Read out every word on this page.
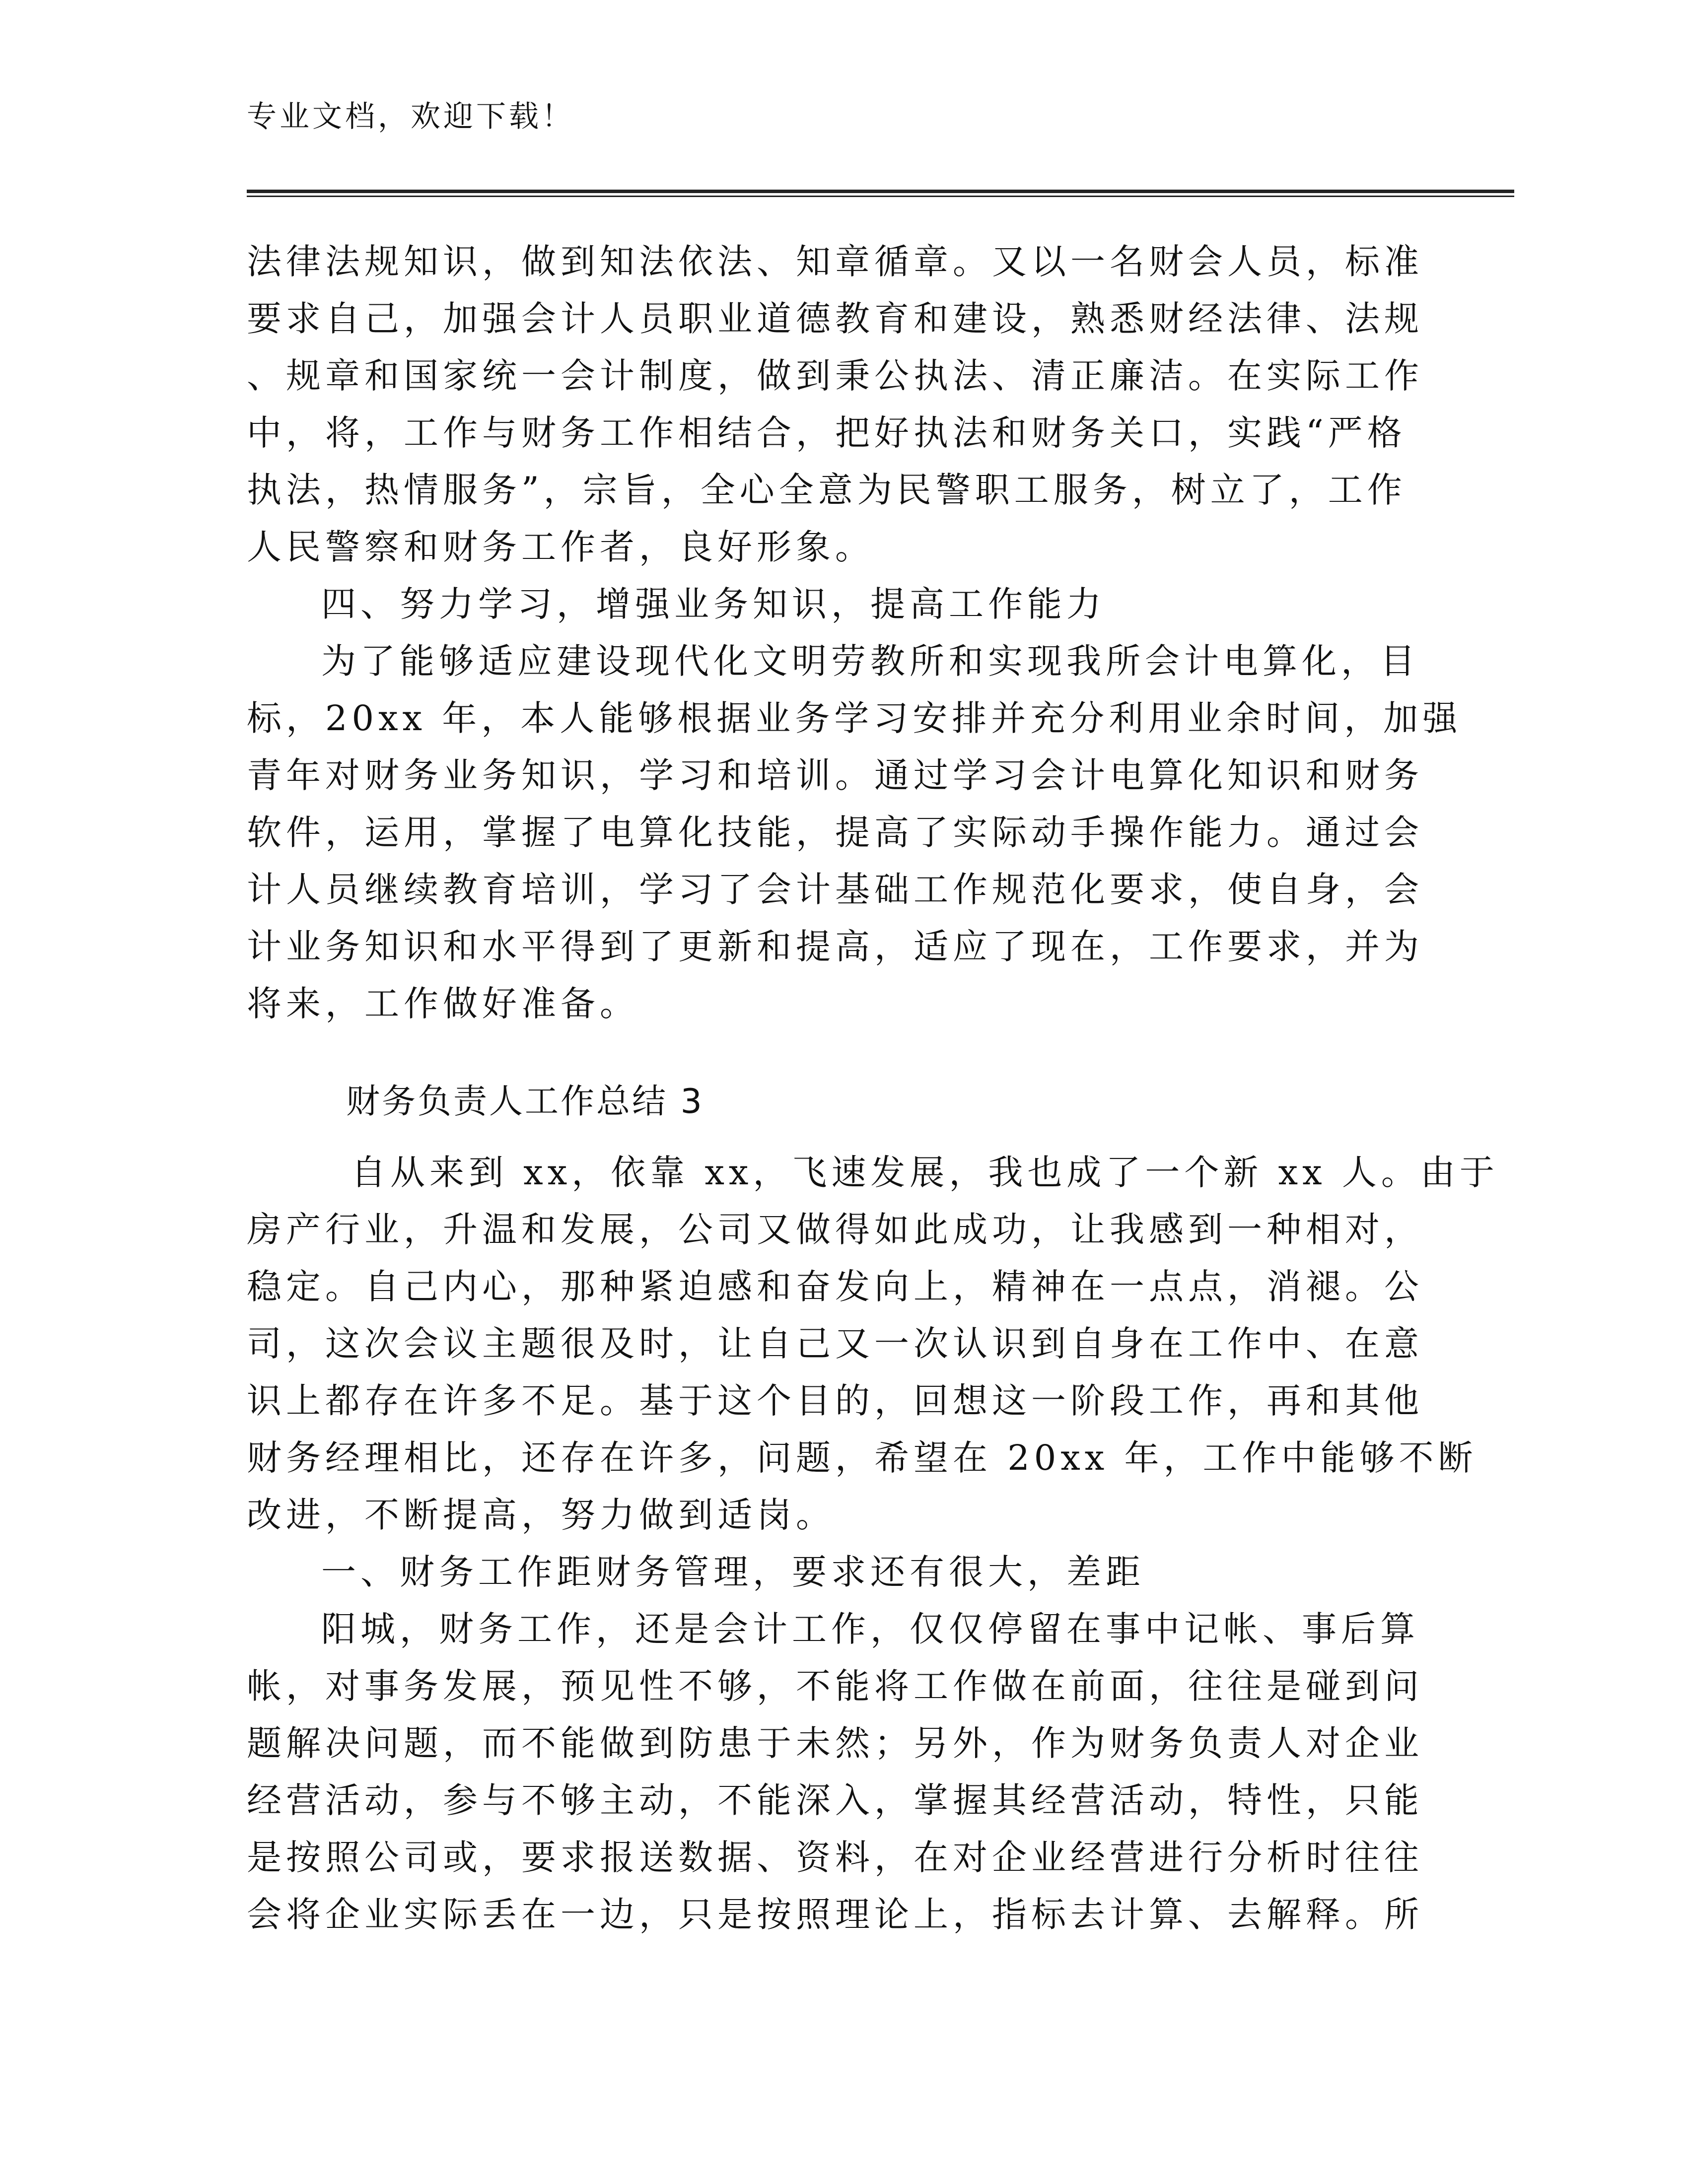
专业文档，欢迎下载！
法律法规知识，做到知法依法、知章循章。又以一名财会人员，标准
要求自己，加强会计人员职业道德教育和建设，熟悉财经法律、法规
、规章和国家统一会计制度，做到秉公执法、清正廉洁。在实际工作
中，将，工作与财务工作相结合，把好执法和财务关口，实践“严格
执法，热情服务”，宗旨，全心全意为民警职工服务，树立了，工作
人民警察和财务工作者，良好形象。
四、努力学习，增强业务知识，提高工作能力
为了能够适应建设现代化文明劳教所和实现我所会计电算化，目
标，20xx 年，本人能够根据业务学习安排并充分利用业余时间，加强
青年对财务业务知识，学习和培训。通过学习会计电算化知识和财务
软件，运用，掌握了电算化技能，提高了实际动手操作能力。通过会
计人员继续教育培训，学习了会计基础工作规范化要求，使自身，会
计业务知识和水平得到了更新和提高，适应了现在，工作要求，并为
将来，工作做好准备。
财务负责人工作总结 3
自从来到 xx，依靠 xx，飞速发展，我也成了一个新 xx 人。由于
房产行业，升温和发展，公司又做得如此成功，让我感到一种相对，
稳定。自己内心，那种紧迫感和奋发向上，精神在一点点，消褪。公
司，这次会议主题很及时，让自己又一次认识到自身在工作中、在意
识上都存在许多不足。基于这个目的，回想这一阶段工作，再和其他
财务经理相比，还存在许多，问题，希望在 20xx 年，工作中能够不断
改进，不断提高，努力做到适岗。
一、财务工作距财务管理，要求还有很大，差距
阳城，财务工作，还是会计工作，仅仅停留在事中记帐、事后算
帐，对事务发展，预见性不够，不能将工作做在前面，往往是碰到问
题解决问题，而不能做到防患于未然；另外，作为财务负责人对企业
经营活动，参与不够主动，不能深入，掌握其经营活动，特性，只能
是按照公司或，要求报送数据、资料，在对企业经营进行分析时往往
会将企业实际丢在一边，只是按照理论上，指标去计算、去解释。所
